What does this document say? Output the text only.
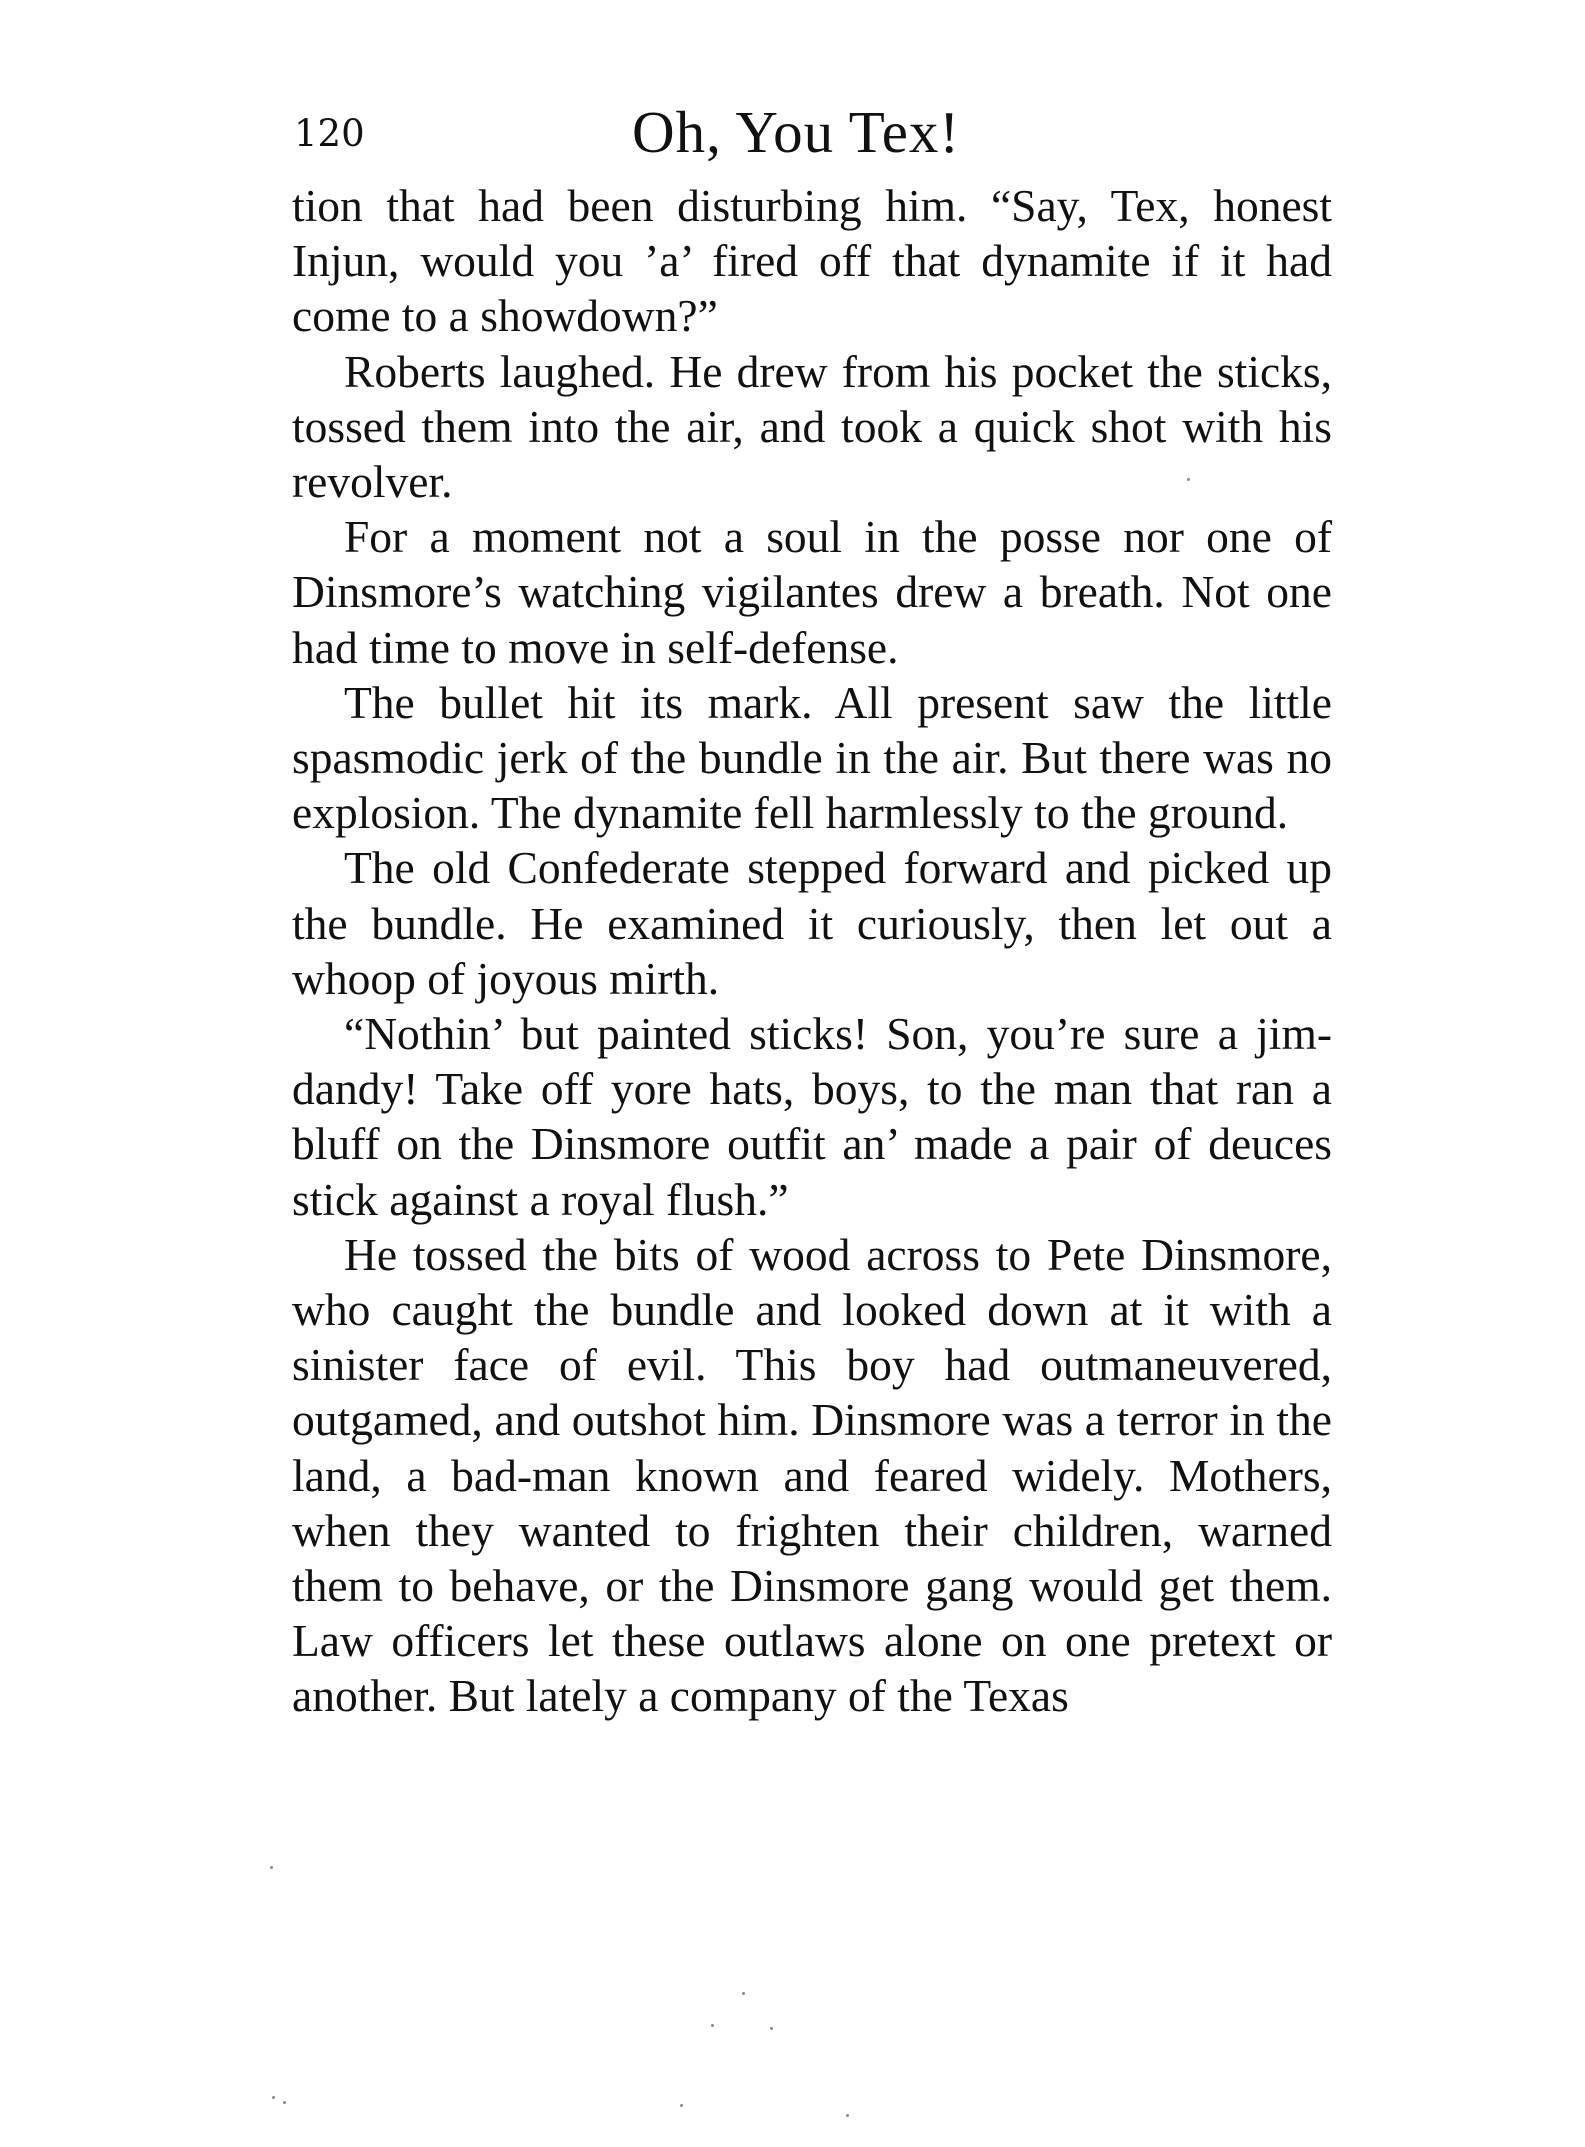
120	Oh, You Tex!

tion that had been disturbing him. “Say, Tex, honest Injun, would you ’a’ fired off that dynamite if it had come to a showdown?”

Roberts laughed. He drew from his pocket the sticks, tossed them into the air, and took a quick shot with his revolver.

For a moment not a soul in the posse nor one of Dinsmore’s watching vigilantes drew a breath. Not one had time to move in self-defense.

The bullet hit its mark. All present saw the little spasmodic jerk of the bundle in the air. But there was no explosion. The dynamite fell harmlessly to the ground.

The old Confederate stepped forward and picked up the bundle. He examined it curiously, then let out a whoop of joyous mirth.

“Nothin’ but painted sticks! Son, you’re sure a jim-dandy! Take off yore hats, boys, to the man that ran a bluff on the Dinsmore outfit an’ made a pair of deuces stick against a royal flush.”

He tossed the bits of wood across to Pete Dinsmore, who caught the bundle and looked down at it with a sinister face of evil. This boy had outmaneuvered, outgamed, and outshot him. Dinsmore was a terror in the land, a bad-man known and feared widely. Mothers, when they wanted to frighten their children, warned them to behave, or the Dinsmore gang would get them. Law officers let these outlaws alone on one pretext or another. But lately a company of the Texas
